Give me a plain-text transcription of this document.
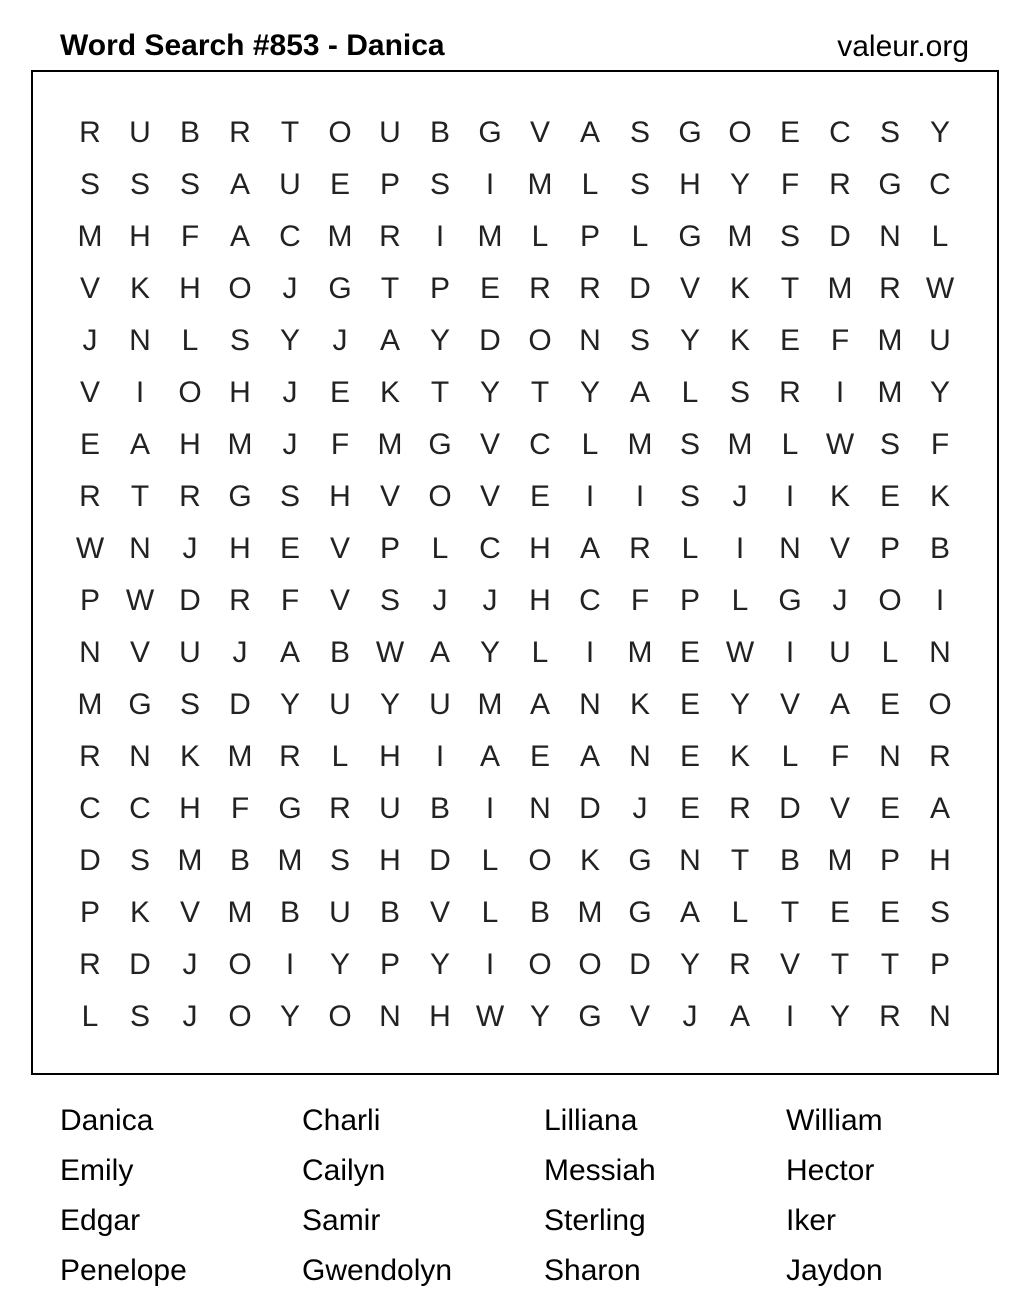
Word Search #853 - Danica	valeur.org
R U B R	T O U B G V A S G O E C S Y
S S S A U E P S	I	M L	S H Y	F	R G C
M H	F	A C M R	I	M L	P	L G M S D N	L
V K H O	J	G T	P E R R D V K	T M R W
J	N	L	S Y	J	A Y D O N S Y K E	F M U
V	I	O H	J	E K	T	Y	T	Y A	L	S R	I	M Y
E A H M	J	F M G V C	L M S M L W S	F
R	T	R G S H V O V E	I	I	S	J	I	K E K
W N	J	H E V P	L	C H A R	L	I	N V P B
P W D R	F	V S	J	J	H C	F	P	L G	J	O	I
N V U	J	A B W A Y	L	I	M E W	I	U	L	N
M G S D Y U Y U M A N K E Y V A E O
R N K M R	L	H	I	A E A N E K	L	F	N R
C C H	F G R U B	I	N D	J	E R D V E A
D S M B M S H D	L O K G N	T	B M P H
P K V M B U B V	L	B M G A	L	T	E E S
R D	J	O	I	Y P Y	I	O O D Y R V	T	T	P
L	S	J	O Y O N H W Y G V	J	A	I	Y R N
Danica	Charli	Lilliana	William
Emily	Cailyn	Messiah	Hector
Edgar	Samir	Sterling	Iker
Penelope	Gwendolyn	Sharon	Jaydon
